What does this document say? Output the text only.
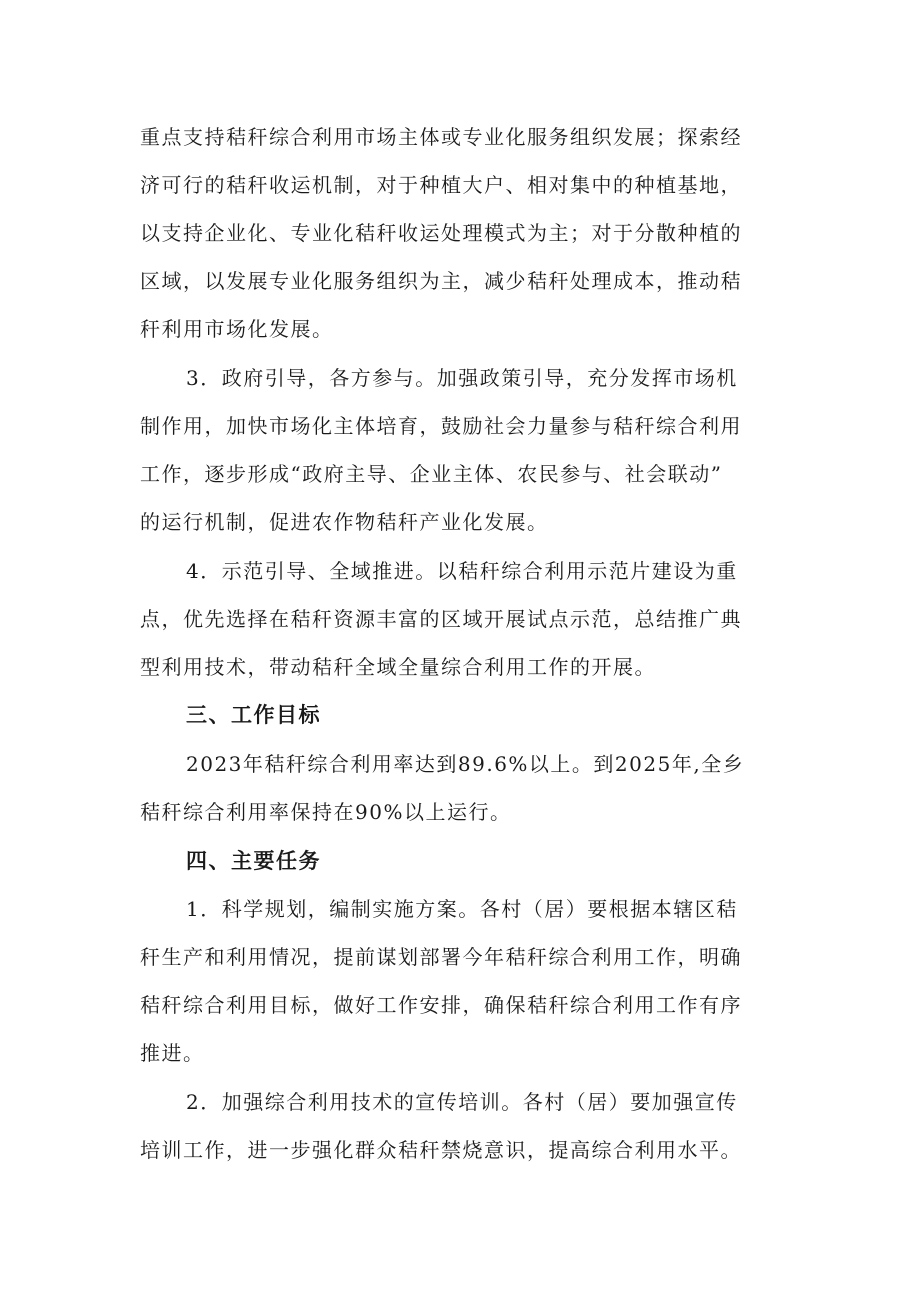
重点支持秸秆综合利用市场主体或专业化服务组织发展；探索经
济可行的秸秆收运机制，对于种植大户、相对集中的种植基地，
以支持企业化、专业化秸秆收运处理模式为主；对于分散种植的
区域，以发展专业化服务组织为主，减少秸秆处理成本，推动秸
秆利用市场化发展。
3．政府引导，各方参与。加强政策引导，充分发挥市场机
制作用，加快市场化主体培育，鼓励社会力量参与秸秆综合利用
工作，逐步形成“政府主导、企业主体、农民参与、社会联动”
的运行机制，促进农作物秸秆产业化发展。
4．示范引导、全域推进。以秸秆综合利用示范片建设为重
点，优先选择在秸秆资源丰富的区域开展试点示范，总结推广典
型利用技术，带动秸秆全域全量综合利用工作的开展。
三、工作目标
2023年秸秆综合利用率达到89.6%以上。到2025年,全乡
秸秆综合利用率保持在90%以上运行。
四、主要任务
1．科学规划，编制实施方案。各村（居）要根据本辖区秸
秆生产和利用情况，提前谋划部署今年秸秆综合利用工作，明确
秸秆综合利用目标，做好工作安排，确保秸秆综合利用工作有序
推进。
2．加强综合利用技术的宣传培训。各村（居）要加强宣传
培训工作，进一步强化群众秸秆禁烧意识，提高综合利用水平。
